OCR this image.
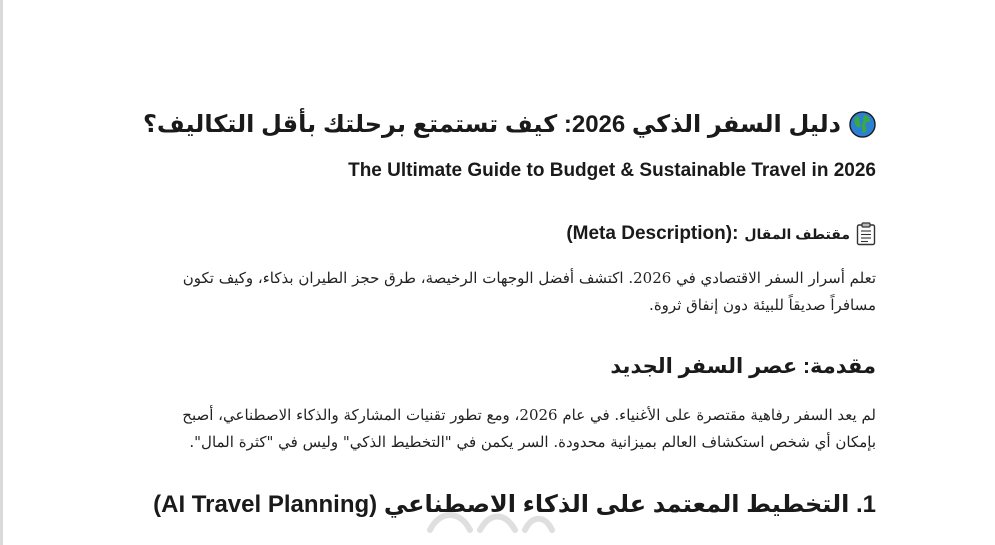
دليل السفر الذكي 2026: كيف تستمتع برحلتك بأقل التكاليف؟
The Ultimate Guide to Budget & Sustainable Travel in 2026
مقتطف المقال
(Meta Description):
تعلم أسرار السفر الاقتصادي في 2026. اكتشف أفضل الوجهات الرخيصة، طرق حجز الطيران بذكاء، وكيف تكون مسافراً صديقاً للبيئة دون إنفاق ثروة.
مقدمة: عصر السفر الجديد
لم يعد السفر رفاهية مقتصرة على الأغنياء. في عام 2026، ومع تطور تقنيات المشاركة والذكاء الاصطناعي، أصبح بإمكان أي شخص استكشاف العالم بميزانية محدودة. السر يكمن في "التخطيط الذكي" وليس في "كثرة المال".
1. التخطيط المعتمد على الذكاء الاصطناعي (AI Travel Planning)
